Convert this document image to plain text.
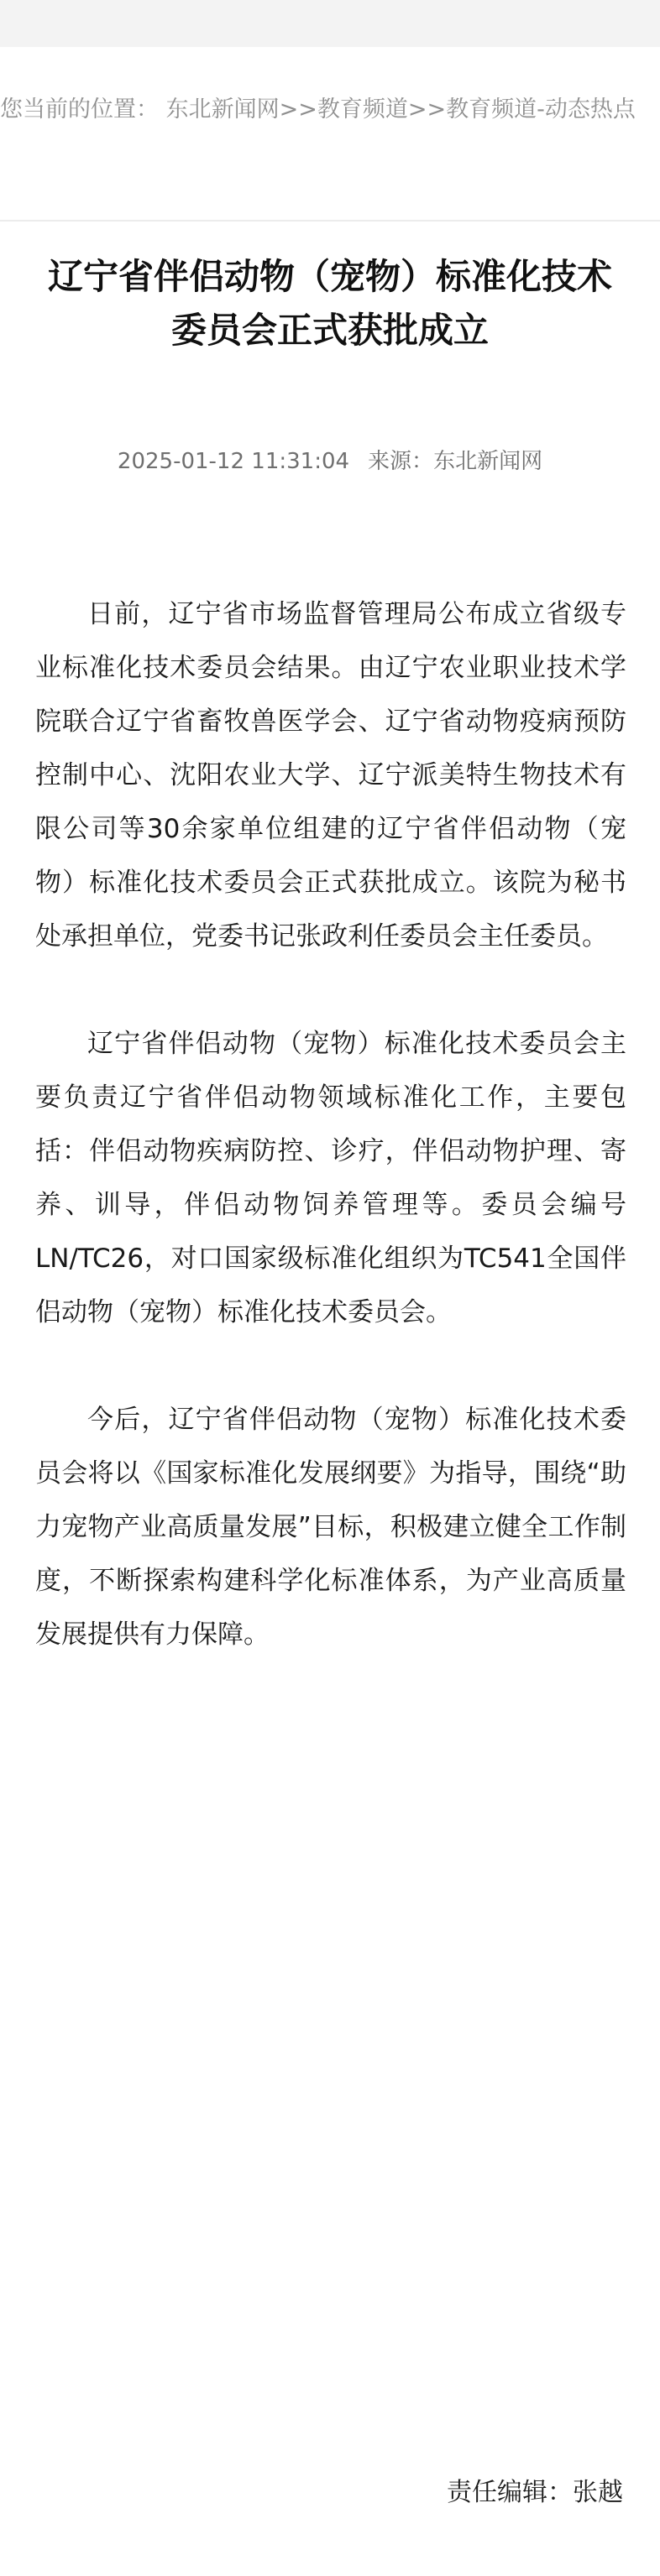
您当前的位置： 东北新闻网>>教育频道>>教育频道-动态热点
辽宁省伴侣动物（宠物）标准化技术委员会正式获批成立
2025-01-12 11:31:04 来源：东北新闻网

日前，辽宁省市场监督管理局公布成立省级专业标准化技术委员会结果。由辽宁农业职业技术学院联合辽宁省畜牧兽医学会、辽宁省动物疫病预防控制中心、沈阳农业大学、辽宁派美特生物技术有限公司等30余家单位组建的辽宁省伴侣动物（宠物）标准化技术委员会正式获批成立。该院为秘书处承担单位，党委书记张政利任委员会主任委员。

辽宁省伴侣动物（宠物）标准化技术委员会主要负责辽宁省伴侣动物领域标准化工作，主要包括：伴侣动物疾病防控、诊疗，伴侣动物护理、寄养、训导，伴侣动物饲养管理等。委员会编号LN/TC26，对口国家级标准化组织为TC541全国伴侣动物（宠物）标准化技术委员会。

今后，辽宁省伴侣动物（宠物）标准化技术委员会将以《国家标准化发展纲要》为指导，围绕“助力宠物产业高质量发展”目标，积极建立健全工作制度，不断探索构建科学化标准体系，为产业高质量发展提供有力保障。

责任编辑：张越
